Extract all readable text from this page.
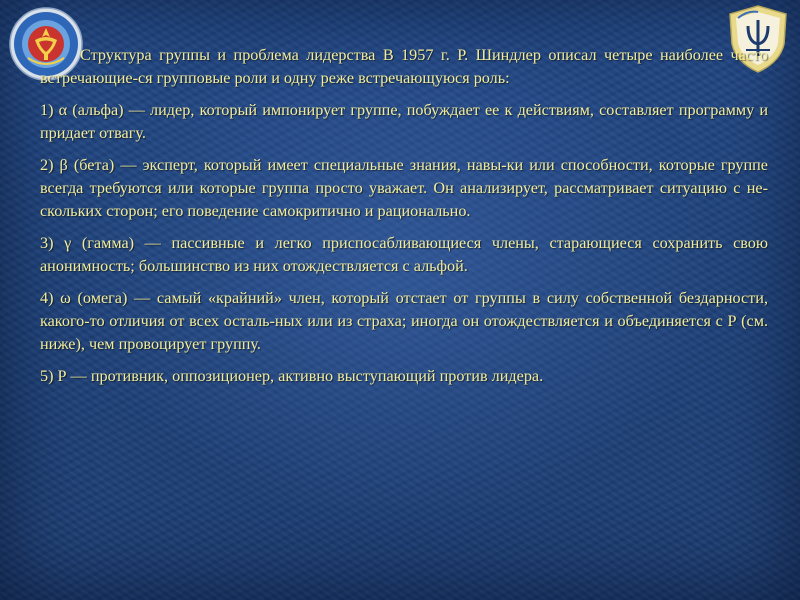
Структура группы и проблема лидерства В 1957 г. Р. Шиндлер описал четыре наиболее часто встречающие-ся групповые роли и одну реже встречающуюся роль:

1) α (альфа) — лидер, который импонирует группе, побуждает ее к действиям, составляет программу и придает отвагу.

2) β (бета) — эксперт, который имеет специальные знания, навы-ки или способности, которые группе всегда требуются или которые группа просто уважает. Он анализирует, рассматривает ситуацию с не-скольких сторон; его поведение самокритично и рационально.

3) γ (гамма) — пассивные и легко приспосабливающиеся члены, старающиеся сохранить свою анонимность; большинство из них отождествляется с альфой.

4) ω (омега) — самый «крайний» член, который отстает от группы в силу собственной бездарности, какого-то отличия от всех осталь-ных или из страха; иногда он отождествляется и объединяется с Р (см. ниже), чем провоцирует группу.

5) Р — противник, оппозиционер, активно выступающий против лидера.
